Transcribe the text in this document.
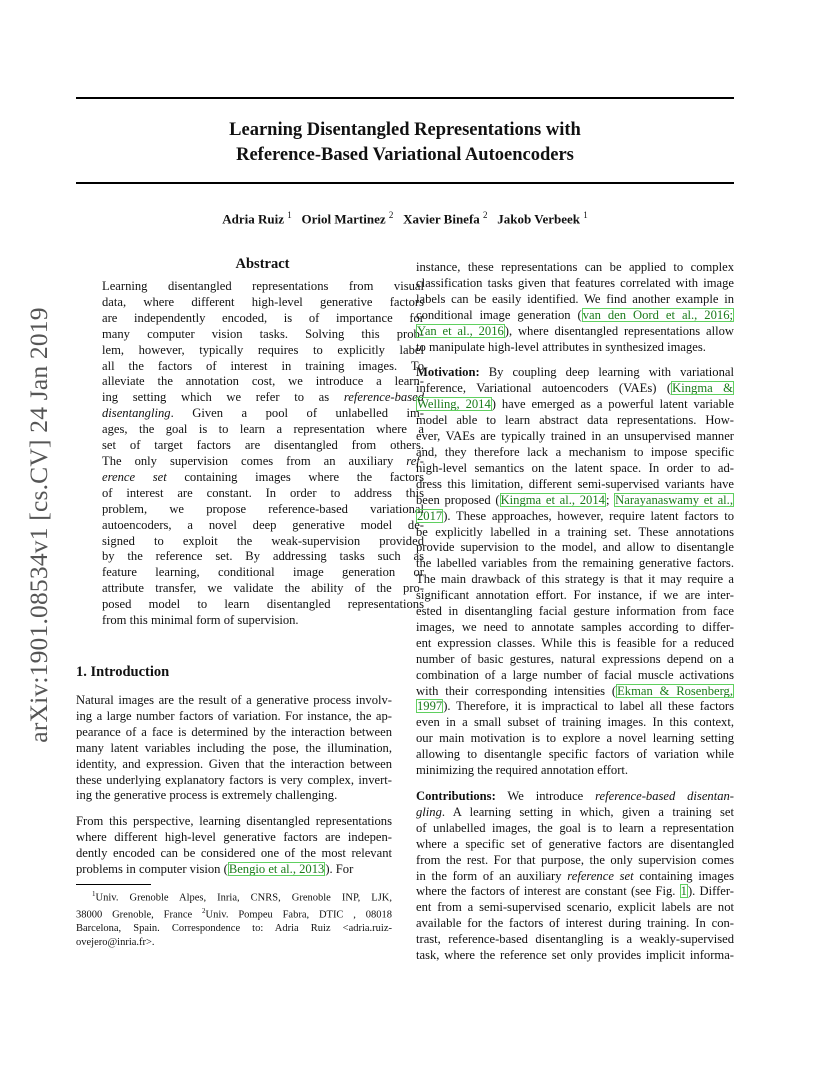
arXiv:1901.08534v1 [cs.CV] 24 Jan 2019
Learning Disentangled Representations with
Reference-Based Variational Autoencoders
Adria Ruiz $^1$ Oriol Martinez $^2$ Xavier Binefa $^2$ Jakob Verbeek $^1$
Abstract
Learning disentangled representations from visual
data, where different high-level generative factors
are independently encoded, is of importance for
many computer vision tasks. Solving this prob-
lem, however, typically requires to explicitly label
all the factors of interest in training images. To
alleviate the annotation cost, we introduce a learn-
ing setting which we refer to as reference-based
disentangling. Given a pool of unlabelled im-
ages, the goal is to learn a representation where a
set of target factors are disentangled from others.
The only supervision comes from an auxiliary ref-
erence set containing images where the factors
of interest are constant. In order to address this
problem, we propose reference-based variational
autoencoders, a novel deep generative model de-
signed to exploit the weak-supervision provided
by the reference set. By addressing tasks such as
feature learning, conditional image generation or
attribute transfer, we validate the ability of the pro-
posed model to learn disentangled representations
from this minimal form of supervision.
1. Introduction
Natural images are the result of a generative process involv-
ing a large number factors of variation. For instance, the ap-
pearance of a face is determined by the interaction between
many latent variables including the pose, the illumination,
identity, and expression. Given that the interaction between
these underlying explanatory factors is very complex, invert-
ing the generative process is extremely challenging.
From this perspective, learning disentangled representations
where different high-level generative factors are indepen-
dently encoded can be considered one of the most relevant
problems in computer vision (Bengio et al., 2013). For
$^1$Univ. Grenoble Alpes, Inria, CNRS, Grenoble INP, LJK,
38000 Grenoble, France $^2$Univ. Pompeu Fabra, DTIC , 08018
Barcelona, Spain. Correspondence to: Adria Ruiz <adria.ruiz-
ovejero@inria.fr>.
instance, these representations can be applied to complex
classification tasks given that features correlated with image
labels can be easily identified. We find another example in
conditional image generation (van den Oord et al., 2016;
Yan et al., 2016), where disentangled representations allow
to manipulate high-level attributes in synthesized images.
Motivation: By coupling deep learning with variational
inference, Variational autoencoders (VAEs) (Kingma &
Welling, 2014) have emerged as a powerful latent variable
model able to learn abstract data representations. How-
ever, VAEs are typically trained in an unsupervised manner
and, they therefore lack a mechanism to impose specific
high-level semantics on the latent space. In order to ad-
dress this limitation, different semi-supervised variants have
been proposed (Kingma et al., 2014; Narayanaswamy et al.,
2017). These approaches, however, require latent factors to
be explicitly labelled in a training set. These annotations
provide supervision to the model, and allow to disentangle
the labelled variables from the remaining generative factors.
The main drawback of this strategy is that it may require a
significant annotation effort. For instance, if we are inter-
ested in disentangling facial gesture information from face
images, we need to annotate samples according to differ-
ent expression classes. While this is feasible for a reduced
number of basic gestures, natural expressions depend on a
combination of a large number of facial muscle activations
with their corresponding intensities (Ekman & Rosenberg,
1997). Therefore, it is impractical to label all these factors
even in a small subset of training images. In this context,
our main motivation is to explore a novel learning setting
allowing to disentangle specific factors of variation while
minimizing the required annotation effort.
Contributions: We introduce reference-based disentan-
gling. A learning setting in which, given a training set
of unlabelled images, the goal is to learn a representation
where a specific set of generative factors are disentangled
from the rest. For that purpose, the only supervision comes
in the form of an auxiliary reference set containing images
where the factors of interest are constant (see Fig. 1). Differ-
ent from a semi-supervised scenario, explicit labels are not
available for the factors of interest during training. In con-
trast, reference-based disentangling is a weakly-supervised
task, where the reference set only provides implicit informa-
